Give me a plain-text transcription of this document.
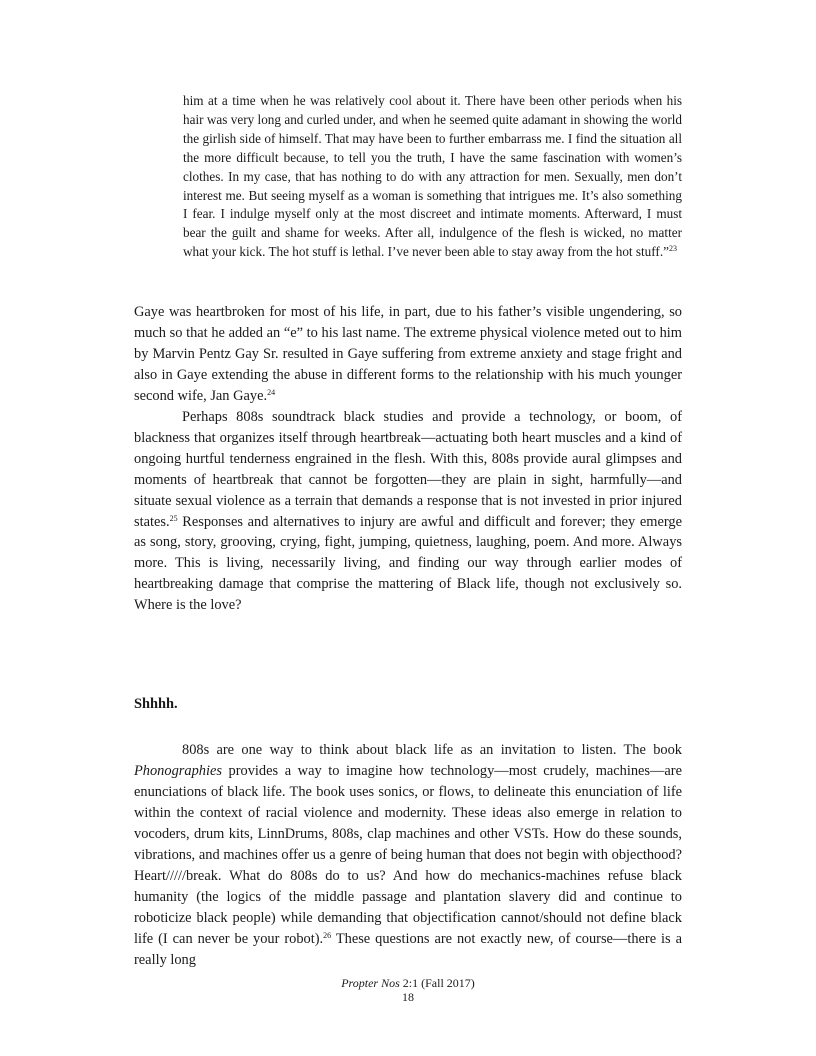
him at a time when he was relatively cool about it. There have been other periods when his hair was very long and curled under, and when he seemed quite adamant in showing the world the girlish side of himself. That may have been to further embarrass me. I find the situation all the more difficult because, to tell you the truth, I have the same fascination with women’s clothes. In my case, that has nothing to do with any attraction for men. Sexually, men don’t interest me. But seeing myself as a woman is something that intrigues me. It’s also something I fear. I indulge myself only at the most discreet and intimate moments. Afterward, I must bear the guilt and shame for weeks. After all, indulgence of the flesh is wicked, no matter what your kick. The hot stuff is lethal. I’ve never been able to stay away from the hot stuff.”$^{23}$

Gaye was heartbroken for most of his life, in part, due to his father’s visible ungendering, so much so that he added an “e” to his last name. The extreme physical violence meted out to him by Marvin Pentz Gay Sr. resulted in Gaye suffering from extreme anxiety and stage fright and also in Gaye extending the abuse in different forms to the relationship with his much younger second wife, Jan Gaye.$^{24}$

Perhaps 808s soundtrack black studies and provide a technology, or boom, of blackness that organizes itself through heartbreak—actuating both heart muscles and a kind of ongoing hurtful tenderness engrained in the flesh. With this, 808s provide aural glimpses and moments of heartbreak that cannot be forgotten—they are plain in sight, harmfully—and situate sexual violence as a terrain that demands a response that is not invested in prior injured states.$^{25}$ Responses and alternatives to injury are awful and difficult and forever; they emerge as song, story, grooving, crying, fight, jumping, quietness, laughing, poem. And more. Always more. This is living, necessarily living, and finding our way through earlier modes of heartbreaking damage that comprise the mattering of Black life, though not exclusively so. Where is the love?

Shhhh.

808s are one way to think about black life as an invitation to listen. The book Phonographies provides a way to imagine how technology—most crudely, machines—are enunciations of black life. The book uses sonics, or flows, to delineate this enunciation of life within the context of racial violence and modernity. These ideas also emerge in relation to vocoders, drum kits, LinnDrums, 808s, clap machines and other VSTs. How do these sounds, vibrations, and machines offer us a genre of being human that does not begin with objecthood? Heart/////break. What do 808s do to us? And how do mechanics-machines refuse black humanity (the logics of the middle passage and plantation slavery did and continue to roboticize black people) while demanding that objectification cannot/should not define black life (I can never be your robot).$^{26}$ These questions are not exactly new, of course—there is a really long

Propter Nos 2:1 (Fall 2017)
18
